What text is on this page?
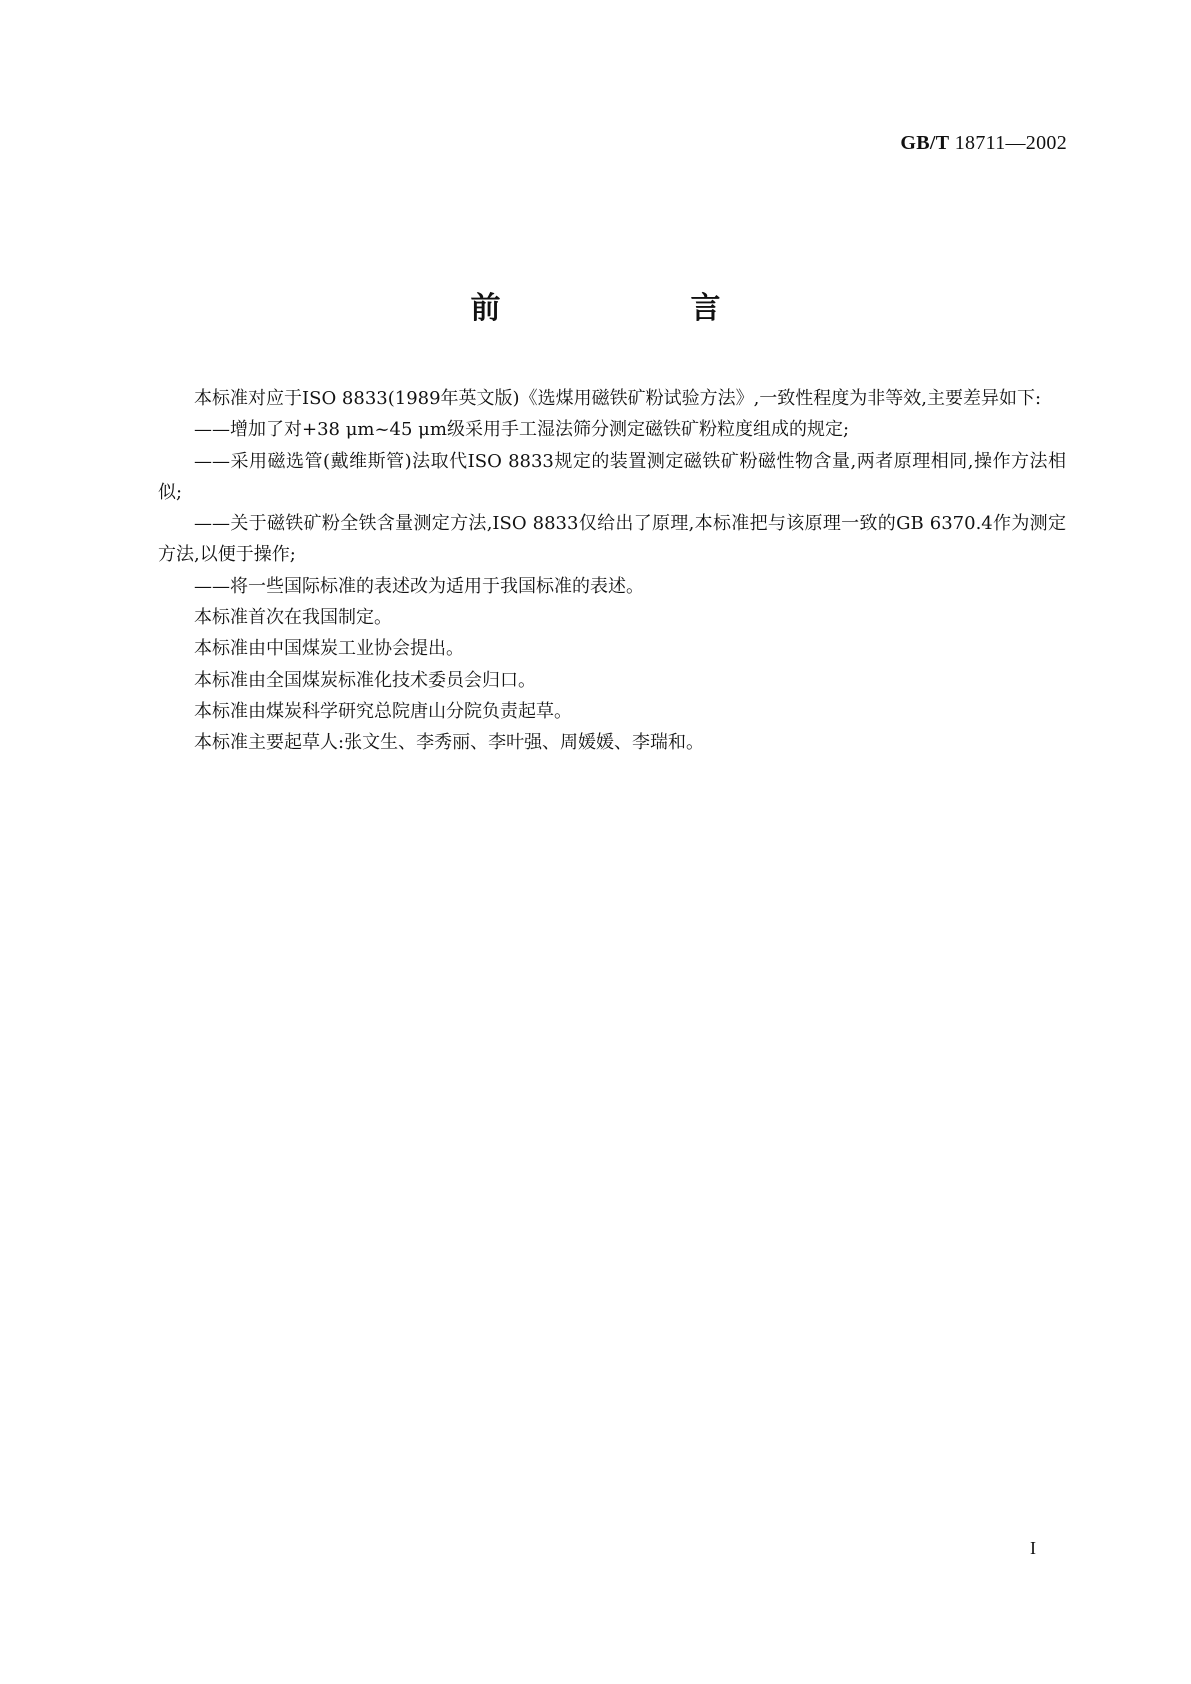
GB/T 18711—2002
前　言

本标准对应于ISO 8833(1989年英文版)《选煤用磁铁矿粉试验方法》,一致性程度为非等效,主要差异如下:

——增加了对+38 μm~45 μm级采用手工湿法筛分测定磁铁矿粉粒度组成的规定;

——采用磁选管(戴维斯管)法取代ISO 8833规定的装置测定磁铁矿粉磁性物含量,两者原理相同,操作方法相似;

——关于磁铁矿粉全铁含量测定方法,ISO 8833仅给出了原理,本标准把与该原理一致的GB 6370.4作为测定方法,以便于操作;

——将一些国际标准的表述改为适用于我国标准的表述。

本标准首次在我国制定。

本标准由中国煤炭工业协会提出。

本标准由全国煤炭标准化技术委员会归口。

本标准由煤炭科学研究总院唐山分院负责起草。

本标准主要起草人:张文生、李秀丽、李叶强、周媛媛、李瑞和。

I
